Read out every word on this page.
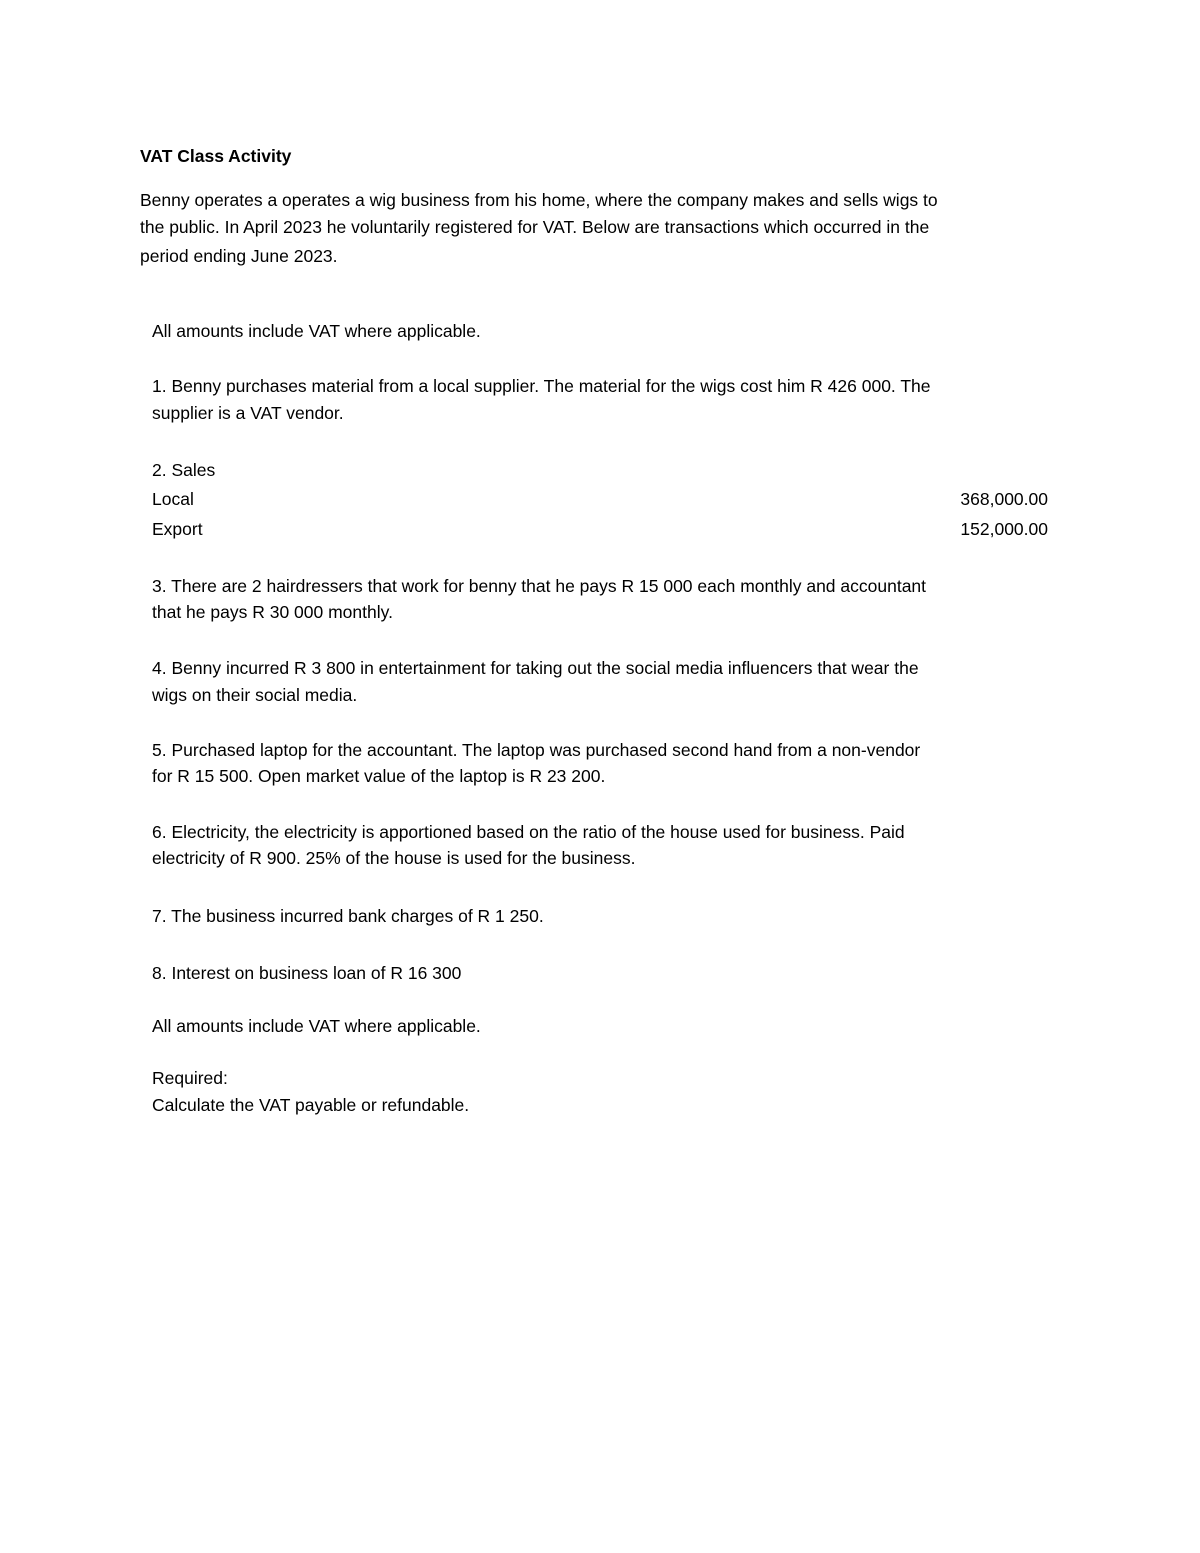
VAT Class Activity

Benny operates a operates a wig business from his home, where the company makes and sells wigs to

the public. In April 2023 he voluntarily registered for VAT. Below are transactions which occurred in the

period ending June 2023.

All amounts include VAT where applicable.

1. Benny purchases material from a local supplier. The material for the wigs cost him R 426 000. The

supplier is a VAT vendor.

2. Sales

Local	368,000.00

Export	152,000.00

3. There are 2 hairdressers that work for benny that he pays R 15 000 each monthly and accountant

that he pays R 30 000 monthly.

4. Benny incurred R 3 800 in entertainment for taking out the social media influencers that wear the

wigs on their social media.

5. Purchased laptop for the accountant. The laptop was purchased second hand from a non-vendor

for R 15 500. Open market value of the laptop is R 23 200.

6. Electricity, the electricity is apportioned based on the ratio of the house used for business. Paid

electricity of R 900. 25% of the house is used for the business.

7. The business incurred bank charges of R 1 250.

8. Interest on business loan of R 16 300

All amounts include VAT where applicable.

Required:

Calculate the VAT payable or refundable.
